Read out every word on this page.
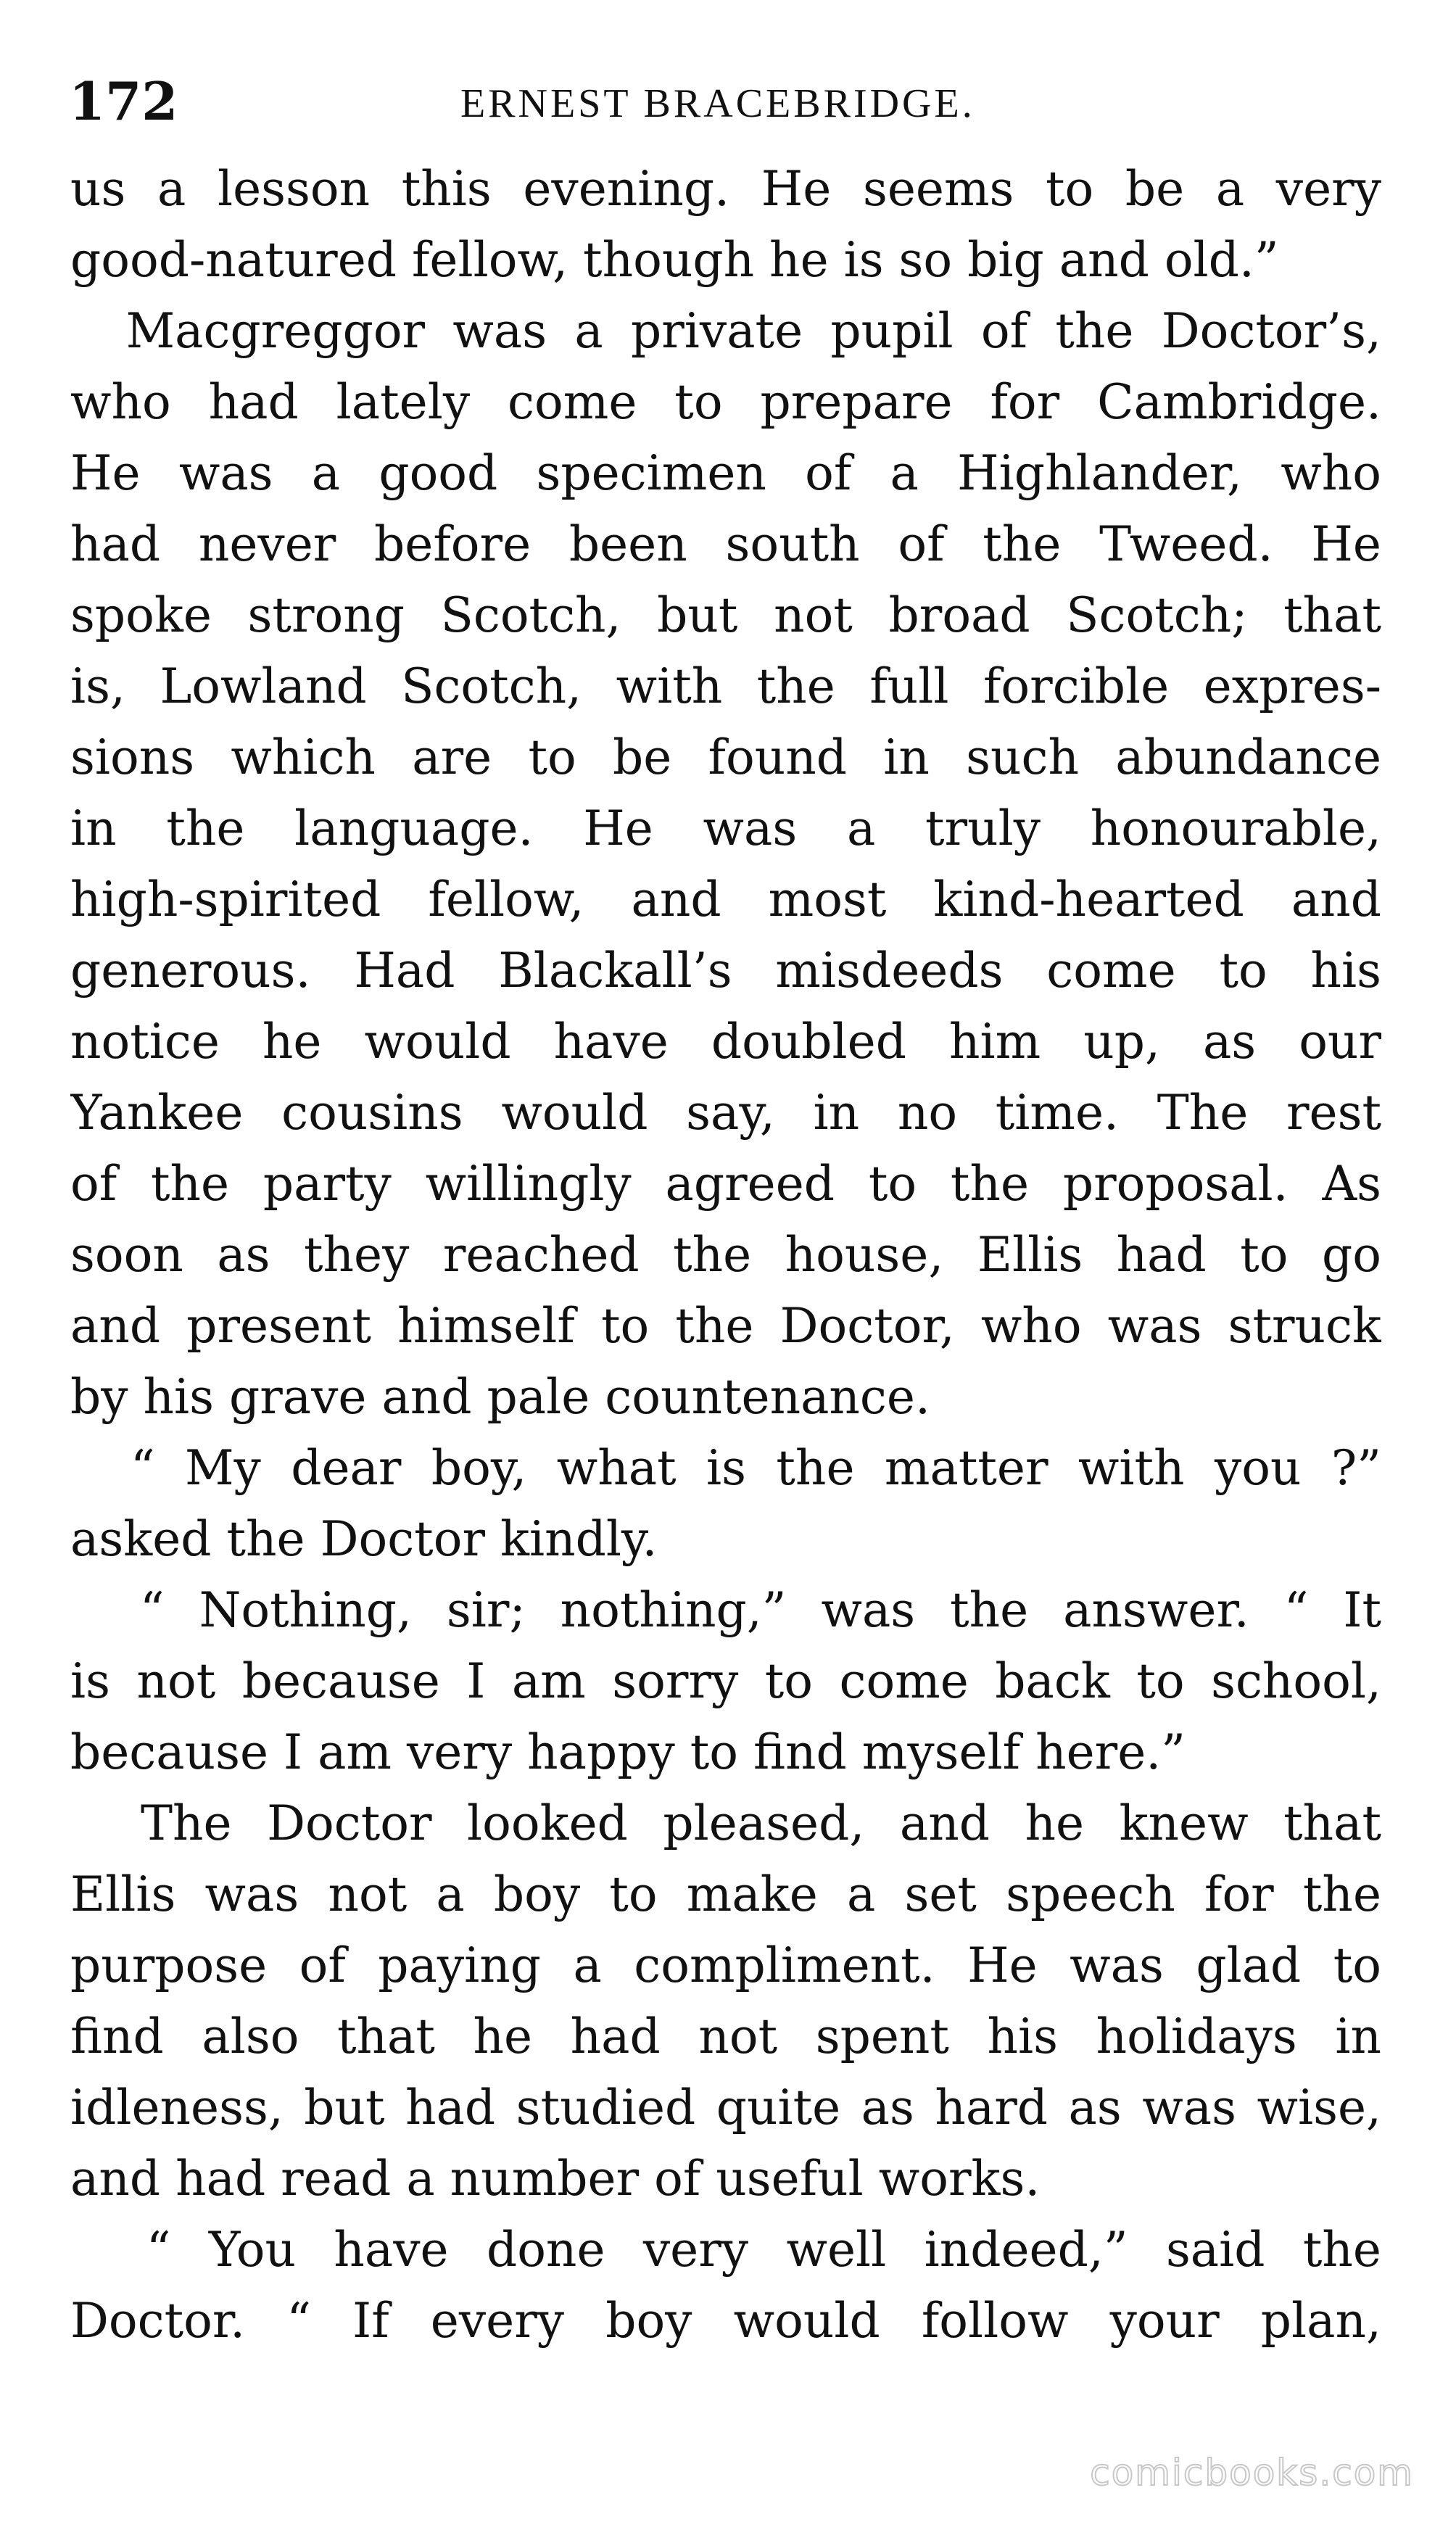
172	ERNEST BRACEBRIDGE.
us a lesson this evening. He seems to be a very
good-natured fellow, though he is so big and old.”
Macgreggor was a private pupil of the Doctor’s,
who had lately come to prepare for Cambridge.
He was a good specimen of a Highlander, who
had never before been south of the Tweed. He
spoke strong Scotch, but not broad Scotch; that
is, Lowland Scotch, with the full forcible expres-
sions which are to be found in such abundance
in the language. He was a truly honourable,
high-spirited fellow, and most kind-hearted and
generous. Had Blackall’s misdeeds come to his
notice he would have doubled him up, as our
Yankee cousins would say, in no time. The rest
of the party willingly agreed to the proposal. As
soon as they reached the house, Ellis had to go
and present himself to the Doctor, who was struck
by his grave and pale countenance.
“ My dear boy, what is the matter with you ?”
asked the Doctor kindly.
“ Nothing, sir; nothing,” was the answer. “ It
is not because I am sorry to come back to school,
because I am very happy to find myself here.”
The Doctor looked pleased, and he knew that
Ellis was not a boy to make a set speech for the
purpose of paying a compliment. He was glad to
find also that he had not spent his holidays in
idleness, but had studied quite as hard as was wise,
and had read a number of useful works.
“ You have done very well indeed,” said the
Doctor. “ If every boy would follow your plan,
comicbooks.com
